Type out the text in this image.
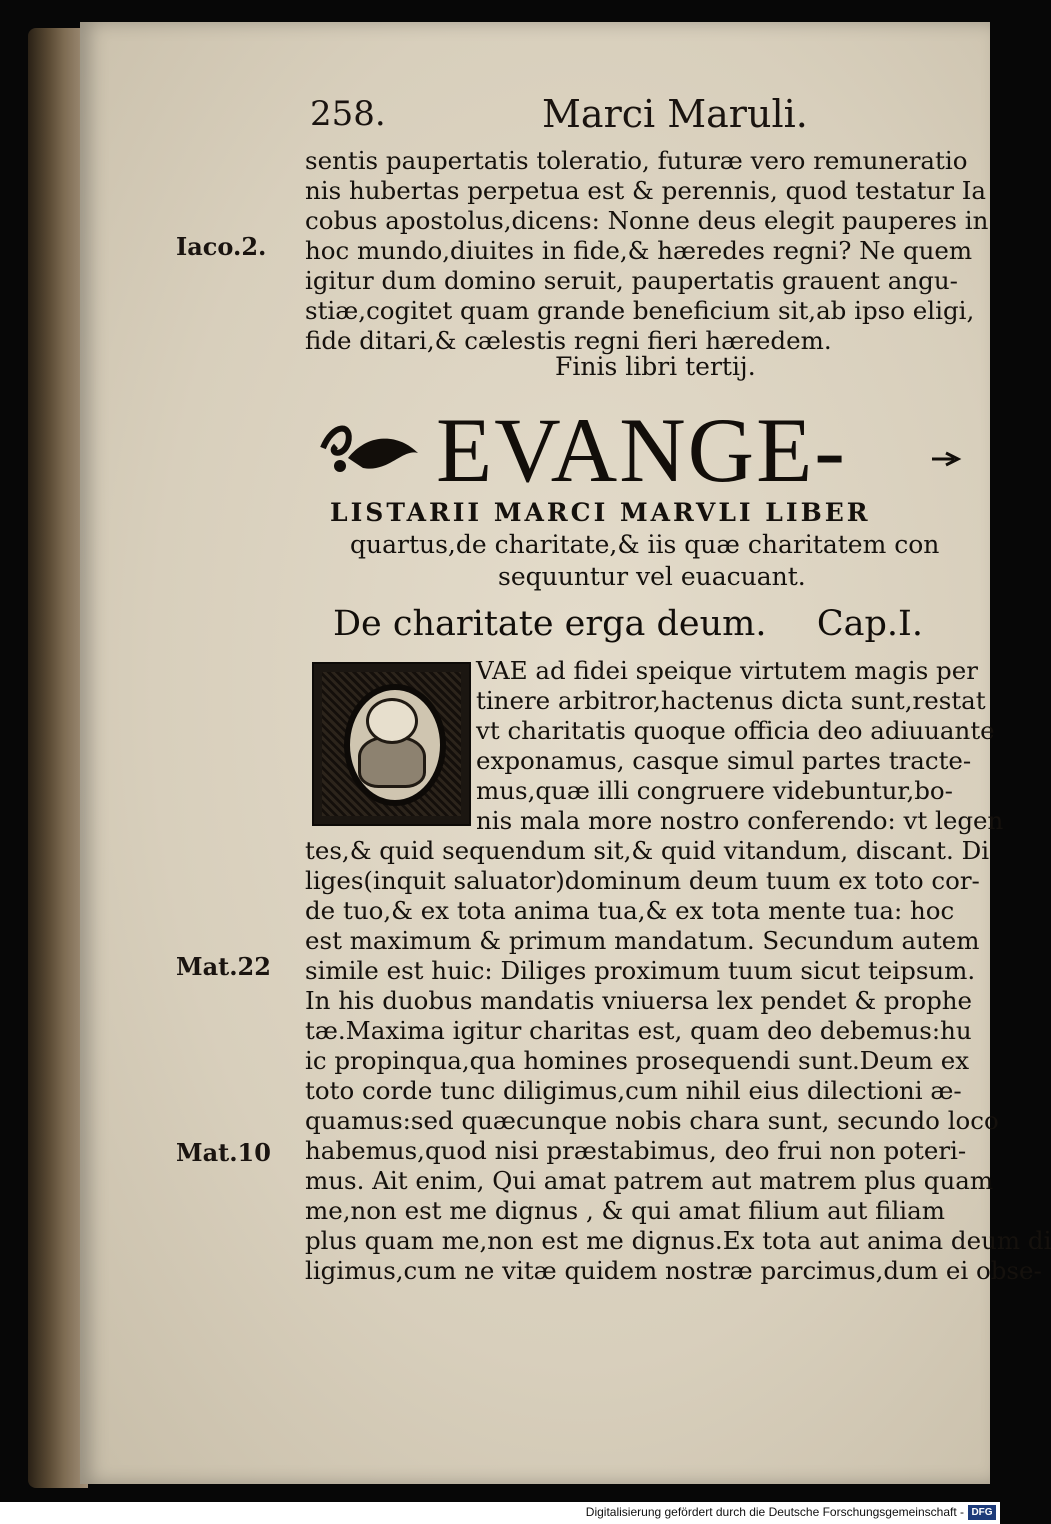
258.	Marci Maruli.
sentis paupertatis toleratio, futuræ vero remuneratio
nis hubertas perpetua est & perennis, quod testatur Ia
cobus apostolus,dicens: Nonne deus elegit pauperes in
hoc mundo,diuites in fide,& hæredes regni? Ne quem
igitur dum domino seruit, paupertatis grauent angu-
stiæ,cogitet quam grande beneficium sit,ab ipso eligi,
fide ditari,& cælestis regni fieri hæredem.
Iaco.2.
Finis libri tertij.
EVANGE-
LISTARII MARCI MARVLI LIBER
quartus,de charitate,& iis quæ charitatem con
sequuntur vel euacuant.
De charitate erga deum. Cap.I.
VAE ad fidei speique virtutem magis per
tinere arbitror,hactenus dicta sunt,restat
vt charitatis quoque officia deo adiuuante
exponamus, casque simul partes tracte-
mus,quæ illi congruere videbuntur,bo-
nis mala more nostro conferendo: vt legen
tes,& quid sequendum sit,& quid vitandum, discant. Di
liges(inquit saluator)dominum deum tuum ex toto cor-
de tuo,& ex tota anima tua,& ex tota mente tua: hoc
est maximum & primum mandatum. Secundum autem
simile est huic: Diliges proximum tuum sicut teipsum.
In his duobus mandatis vniuersa lex pendet & prophe
tæ.Maxima igitur charitas est, quam deo debemus:hu
ic propinqua,qua homines prosequendi sunt.Deum ex
toto corde tunc diligimus,cum nihil eius dilectioni æ-
quamus:sed quæcunque nobis chara sunt, secundo loco
habemus,quod nisi præstabimus, deo frui non poteri-
mus. Ait enim, Qui amat patrem aut matrem plus quam
me,non est me dignus , & qui amat filium aut filiam
plus quam me,non est me dignus.Ex tota aut anima deum di
ligimus,cum ne vitæ quidem nostræ parcimus,dum ei obse-
Mat.22
Mat.10
Digitalisierung gefördert durch die Deutsche Forschungsgemeinschaft - DFG
